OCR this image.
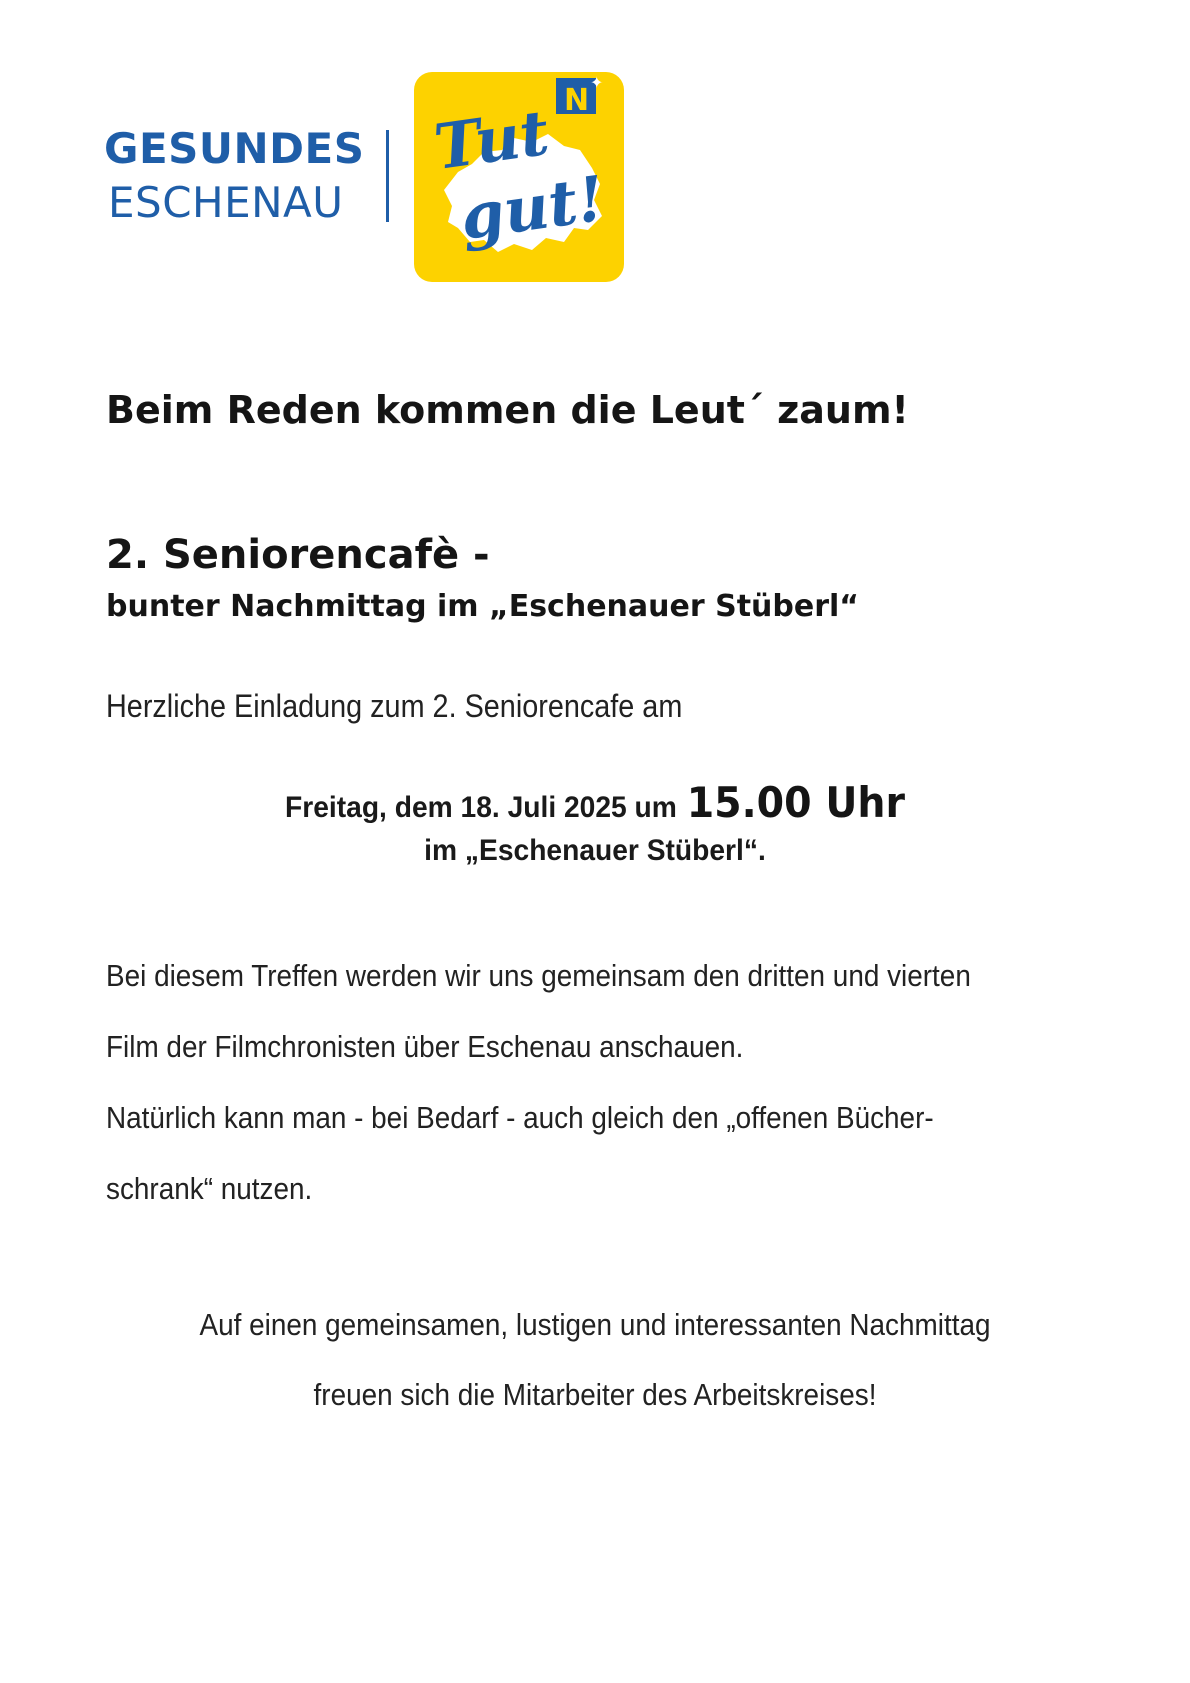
GESUNDES
ESCHENAU
N
✦
Tut
gut!
Beim Reden kommen die Leut´ zaum!
2. Seniorencafè -
bunter Nachmittag im „Eschenauer Stüberl“
Herzliche Einladung zum 2. Seniorencafe am
Freitag, dem 18. Juli 2025 um 15.00 Uhr
im „Eschenauer Stüberl“.
Bei diesem Treffen werden wir uns gemeinsam den dritten und vierten
Film der Filmchronisten über Eschenau anschauen.
Natürlich kann man - bei Bedarf - auch gleich den „offenen Bücher-
schrank“ nutzen.
Auf einen gemeinsamen, lustigen und interessanten Nachmittag
freuen sich die Mitarbeiter des Arbeitskreises!
